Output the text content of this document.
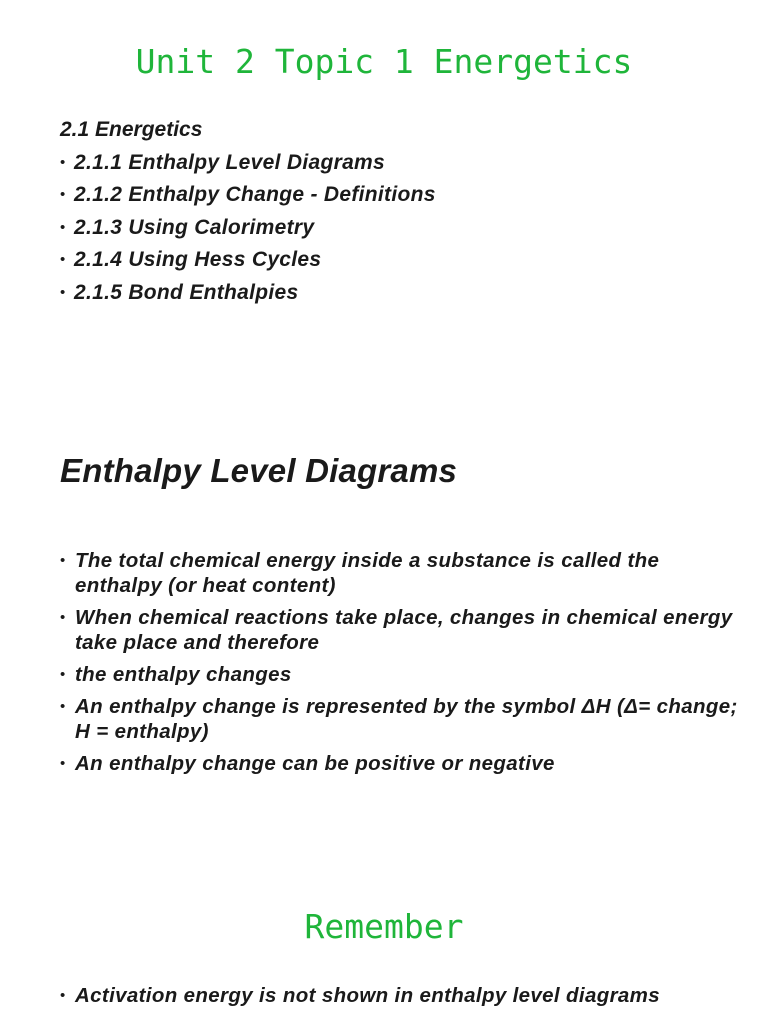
Unit 2 Topic 1 Energetics
2.1 Energetics
• 2.1.1 Enthalpy Level Diagrams
• 2.1.2 Enthalpy Change - Definitions
• 2.1.3 Using Calorimetry
• 2.1.4 Using Hess Cycles
• 2.1.5 Bond Enthalpies
Enthalpy Level Diagrams
• The total chemical energy inside a substance is called the enthalpy (or heat content)
• When chemical reactions take place, changes in chemical energy take place and therefore
• the enthalpy changes
• An enthalpy change is represented by the symbol ΔH (Δ= change; H = enthalpy)
• An enthalpy change can be positive or negative
Remember
• Activation energy is not shown in enthalpy level diagrams
